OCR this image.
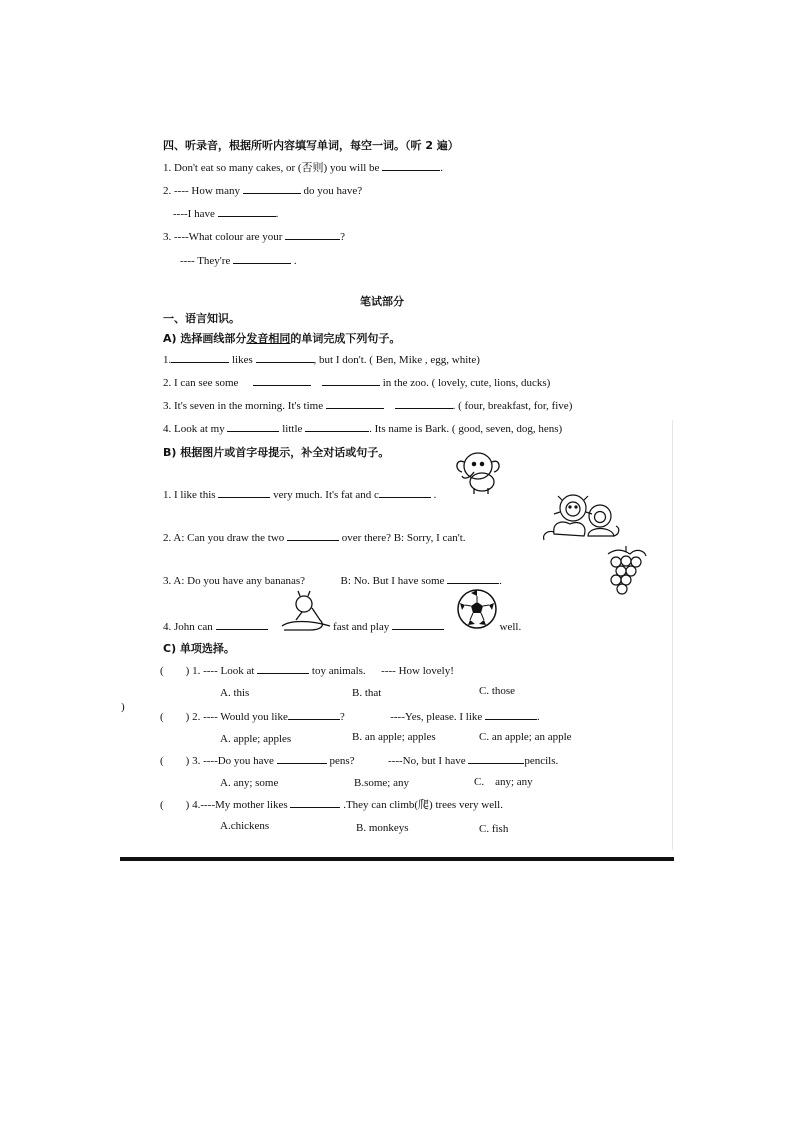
四、听录音，根据所听内容填写单词，每空一词。（听 2 遍）
1. Don't eat so many cakes, or (否则) you will be	.
2. ---- How many	do you have?
----I have	.
3. ----What colour are your	?
---- They're	.
笔试部分
一、语言知识。
A) 选择画线部分发音相同的单词完成下列句子。
1.	likes	, but I don't. ( Ben, Mike , egg, white)
2. I can see some	in the zoo. ( lovely, cute, lions, ducks)
3. It's seven in the morning. It's time	. ( four, breakfast, for, five)
4. Look at my	little	. Its name is Bark. ( good, seven, dog, hens)
B) 根据图片或首字母提示，补全对话或句子。
1. I like this	very much. It's fat and c	.
2. A: Can you draw the two	over there? B: Sorry, I can't.
3. A: Do you have any bananas?	B: No. But I have some	.
4. John can	fast and play	well.
C) 单项选择。
(        ) 1. ---- Look at	toy animals. ---- How lovely!
A. this	B. that	C. those
)
(        ) 2. ---- Would you like	?	----Yes, please. I like	.
A. apple; apples	B. an apple; apples	C. an apple; an apple
(        ) 3. ----Do you have	pens?	----No, but I have	pencils.
A. any; some	B.some; any	C.    any; any
(        ) 4.----My mother likes	.They can climb(爬) trees very well.
A.chickens	B. monkeys	C. fish
